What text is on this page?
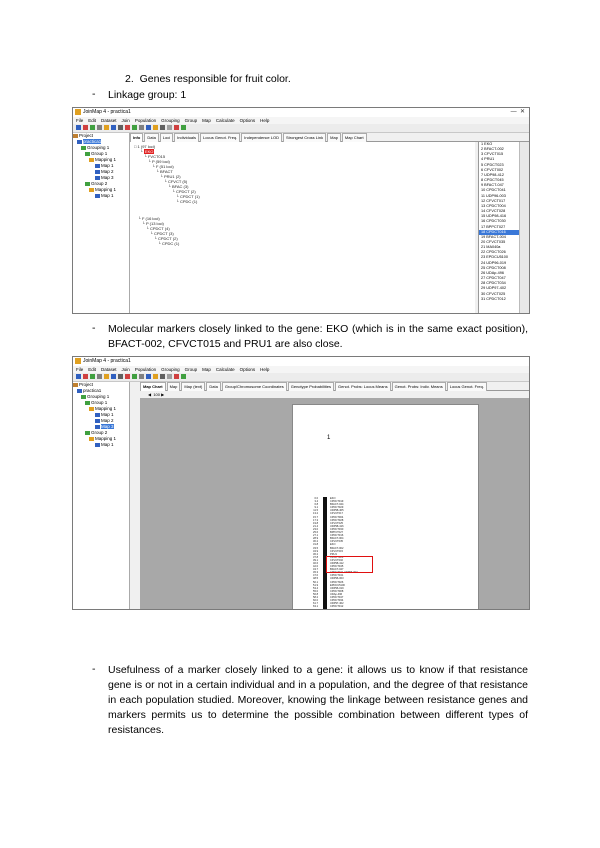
2.  Genes responsible for fruit color.
- Linkage group: 1
JoinMap 4 - practica1	—  ✕
File Edit Dataset Join Population Grouping Group Map Calculate Options Help
Project
practica1
Grouping 1
Group 1
Mapping 1
Map 1
Map 2
Map 3
Group 2
Mapping 1
Map 1
Info Data Loci Individuals Locus Genot. Freq. Independence LOD Strongest Cross Link Map Map Chart
□ 1 (97 loci)
└ EKO
└ FVCT015
└ P (59 loci)
└ F (51 loci)
└ BFACT
└ PRU1 (2)
└ CFVCT (5)
└ BFAC (3)
└ CPDCT (2)
└ CPDCT (1)
└ CPDC (1)
└ F (16 loci)
└ P (13 loci)
└ CPDCT (4)
└ CPDCT (3)
└ CPDCT (2)
└ CPDC (1)
1 EKO
2 BFACT-002
3 CFVCT015
4 PRU1
5 CPDCT023
6 CFVCT002
7 UDP98-412
8 CPDCT045
9 BFACT-047
10 CPDCT041
11 UDP96-003
12 CFVCT017
13 CPDCT004
14 CFVCT028
15 UDP98-416
16 CPDCT030
17 BPPCT027
18 CPDCT016
19 BFACT-004
20 CFVCT035
21 MA040a
22 CPDCT026
23 EPDCU5100
24 UDP96-019
25 CPDCT008
26 UDAp-496
27 CPDCT047
28 CPDCT034
29 UDP97-402
30 CFVCT025
31 CPDCT012
- Molecular markers closely linked to the gene: EKO (which is in the same exact position), BFACT-002, CFVCT015 and PRU1 are also close.
JoinMap 4 - practica1
File Edit Dataset Join Population Grouping Group Map Calculate Options Help
Project
practica1
Grouping 1
Group 1
Mapping 1
Map 1
Map 2
Map 3
Group 2
Mapping 1
Map 1
Map Chart Map Map (text) Data Group/Chromosome Coordinates Genotype Probabilities Genot. Probs: Locus Means Genot. Probs: Indiv. Means Locus Genot. Freq.
◀  100 ▶
1
0.0
3.4
6.8
9.1
11.5
13.2
15.7
17.3
19.8
21.4
23.0
25.6
27.1
28.9
30.2
31.8
33.5
34.9
36.2
37.8
39.1
40.6
42.0
43.7
45.3
47.0
48.5
50.1
51.9
53.4
55.0
56.8
58.2
60.0
61.7
63.1
EKO
CPDCT019
BFACT-044
CPDCT029
UDP98-405
CFVCT017
CPDCT004
CPDCT028
CFVCT025
UDP98-416
CPDCT030
BPPCT027
CPDCT016
BFACT-004
CFVCT035
EKO
BFACT-002
CFVCT015
PRU1
CPDCT023
CFVCT002
UDP98-412
CPDCT045
BFACT-047
CPDCT041 UDP96-003
CPDCT041
UDP96-003
CPDCT026
EPDCU5100
UDP96-019
CPDCT008
UDAp-496
CPDCT047
CPDCT034
UDP97-402
CPDCT012
- Usefulness of a marker closely linked to a gene: it allows us to know if that resistance gene is or not in a certain individual and in a population, and the degree of that resistance in each population studied. Moreover, knowing the linkage between resistance genes and markers permits us to determine the possible combination between different types of resistances.
